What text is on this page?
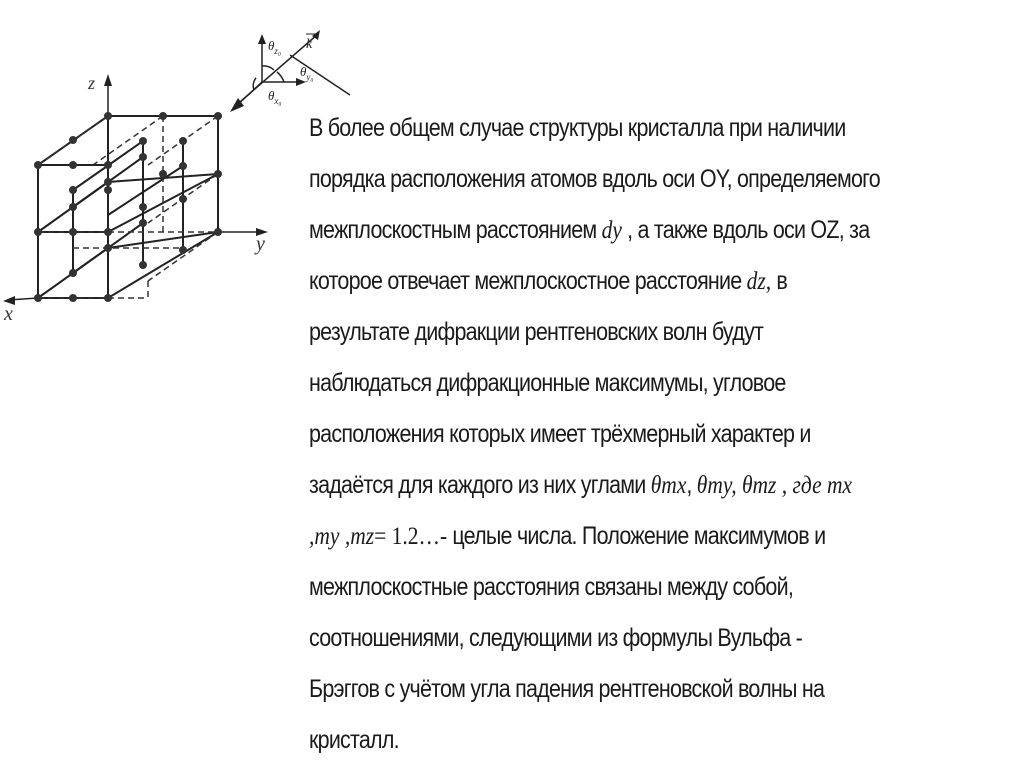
z
y
x
$\theta_{z_0}$
$\theta_{y_0}$
$\theta_{x_0}$
k
В более общем случае структуры кристалла при наличии
порядка расположения атомов вдоль оси OY, определяемого
межплоскостным расстоянием dy , а также вдоль оси OZ, за
которое отвечает межплоскостное расстояние dz, в
результате дифракции рентгеновских волн будут
наблюдаться дифракционные максимумы, угловое
расположения которых имеет трёхмерный характер и
задаётся для каждого из них углами θmx, θmy, θmz , где mx
,my ,mz= 1.2…- целые числа. Положение максимумов и
межплоскостные расстояния связаны между собой,
соотношениями, следующими из формулы Вульфа -
Брэггов с учётом угла падения рентгеновской волны на
кристалл.
